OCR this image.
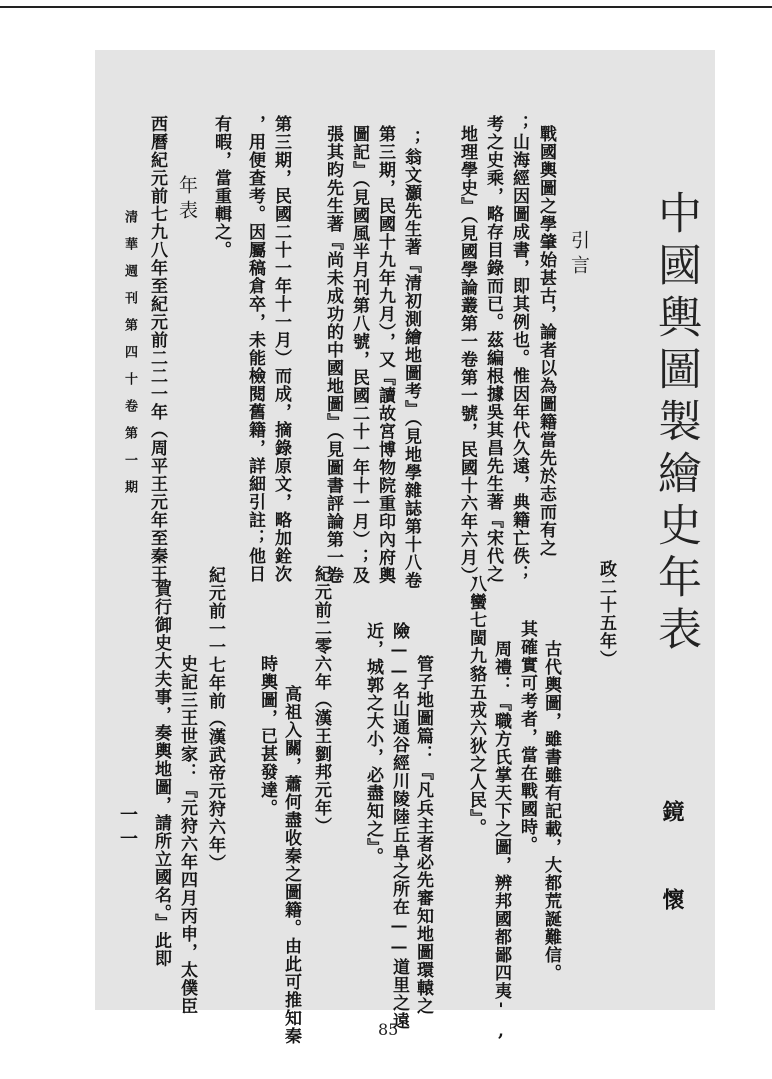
中國輿圖製繪史年表
鏡 懷
政二十五年）
古代輿圖，雖書雖有記載，大都荒誕難信。
其確實可考者，當在戰國時。
周禮：『職方氏掌天下之圖，辨邦國都鄙四夷',
八蠻七閩九貉五戎六狄之人民』。
管子地圖篇：『凡兵主者必先審知地圖環轅之
險——名山通谷經川陵陸丘阜之所在——道里之遠
近，城郭之大小，必盡知之』。
紀元前二零六年（漢王劉邦元年）
高祖入關，蕭何盡收秦之圖籍。由此可推知秦
時輿圖，已甚發達。
紀元前一一七年前（漢武帝元狩六年）
史記三王世家：『元狩六年四月丙申，太僕臣
賀行御史大夫事，奏輿地圖，請所立國名。』此即
引言
戰國輿圖之學肇始甚古，論者以為圖籍當先於志而有之
；山海經因圖成書，即其例也。惟因年代久遠，典籍亡佚；
考之史乘，略存目錄而已。茲編根據吳其昌先生著『宋代之
地理學史』（見國學論叢第一卷第一號，民國十六年六月）、
；翁文灝先生著『清初測繪地圖考』（見地學雜誌第十八卷
第三期，民國十九年九月），又『讀故宮博物院重印內府輿
圖記』（見國風半月刊第八號，民國二十一年十一月）；及
張其昀先生著『尚未成功的中國地圖』（見圖書評論第一卷
第三期，民國二十一年十一月）而成，摘錄原文，略加銓次
，用便查考。因屬稿倉卒，未能檢閱舊籍，詳細引註；他日
有暇，當重輯之。
年表
西曆紀元前七九八年至紀元前二二一年（周平王元年至秦王
清華週刊第四十卷第一期
一一
85
